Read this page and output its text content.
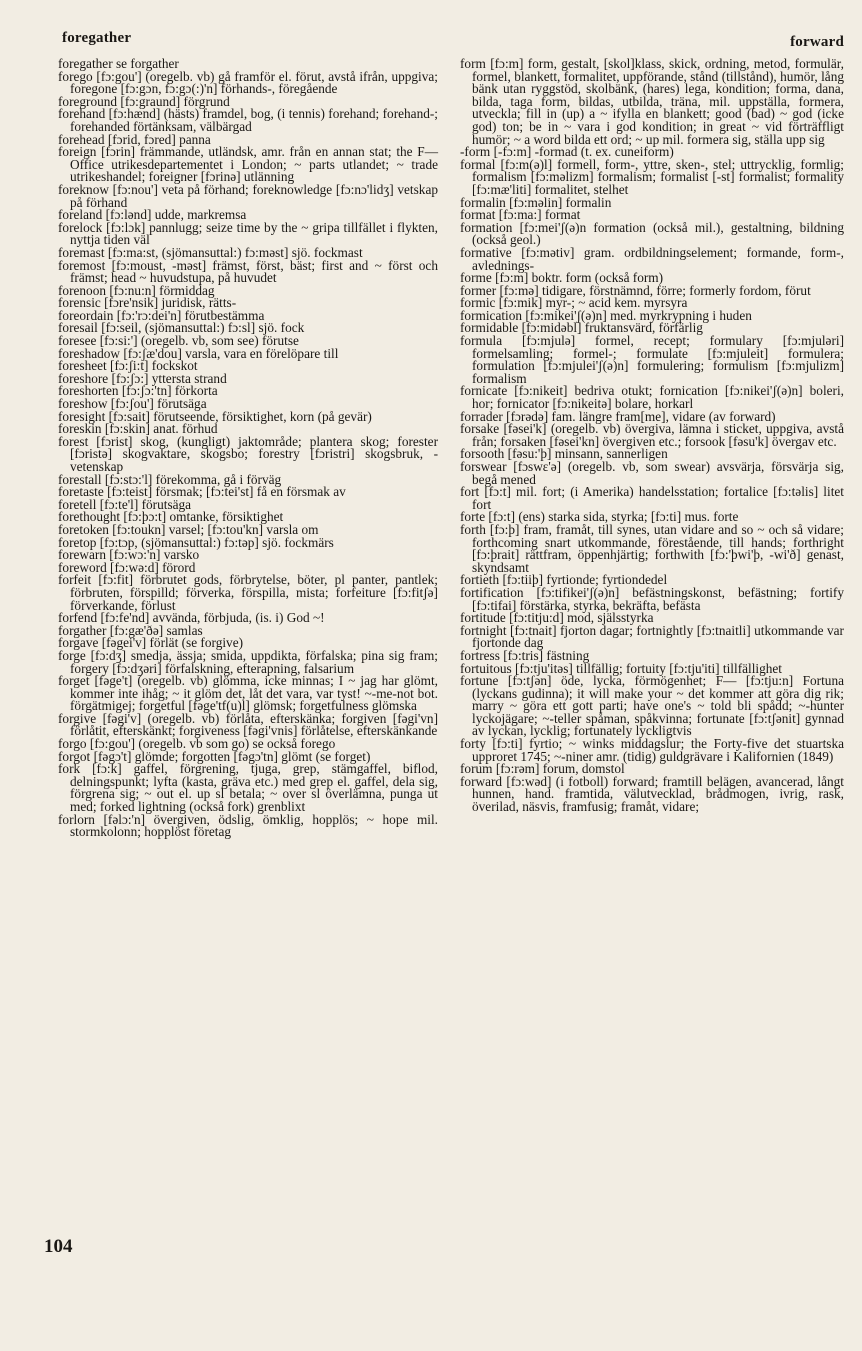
foregather	forward

foregather se forgather

forego [fɔ:gou'] (oregelb. vb) gå framför el. förut, avstå ifrån, uppgiva; foregone [fɔ:gɔn, fɔ:gɔ(:)'n] förhands-, föregående

foreground [fɔ:graund] förgrund

forehand [fɔ:hænd] (hästs) framdel, bog, (i tennis) forehand; forehand-; forehanded förtänksam, välbärgad

forehead [fɔrid, fɔred] panna

foreign [fɔrin] främmande, utländsk, amr. från en annan stat; the F— Office utrikesdepartementet i London; ~ parts utlandet; ~ trade utrikeshandel; foreigner [fɔrinə] utlänning

foreknow [fɔ:nou'] veta på förhand; foreknowledge [fɔ:nɔ'lidʒ] vetskap på förhand

foreland [fɔ:lənd] udde, markremsa

forelock [fɔ:lɔk] pannlugg; seize time by the ~ gripa tillfället i flykten, nyttja tiden väl

foremast [fɔ:ma:st, (sjömansuttal:) fɔ:məst] sjö. fockmast

foremost [fɔ:moust, -məst] främst, först, bäst; first and ~ först och främst; head ~ huvudstupa, på huvudet

forenoon [fɔ:nu:n] förmiddag

forensic [fɔre'nsik] juridisk, rätts-

foreordain [fɔ:'rɔ:dei'n] förutbestämma

foresail [fɔ:seil, (sjömansuttal:) fɔ:sl] sjö. fock

foresee [fɔ:si:'] (oregelb. vb, som see) förutse

foreshadow [fɔ:ʃæ'dou] varsla, vara en förelöpare till

foresheet [fɔ:ʃi:t] fockskot

foreshore [fɔ:ʃɔ:] yttersta strand

foreshorten [fɔ:ʃɔ:'tn] förkorta

foreshow [fɔ:ʃou'] förutsäga

foresight [fɔ:sait] förutseende, försiktighet, korn (på gevär)

foreskin [fɔ:skin] anat. förhud

forest [fɔrist] skog, (kungligt) jaktområde; plantera skog; forester [fɔristə] skogvaktare, skogsbo; forestry [fɔristri] skogsbruk, -vetenskap

forestall [fɔ:stɔ:'l] förekomma, gå i förväg

foretaste [fɔ:teist] försmak; [fɔ:tei'st] få en försmak av

foretell [fɔ:te'l] förutsäga

forethought [fɔ:þɔ:t] omtanke, försiktighet

foretoken [fɔ:toukn] varsel; [fɔ:tou'kn] varsla om

foretop [fɔ:tɔp, (sjömansuttal:) fɔ:təp] sjö. fockmärs

forewarn [fɔ:wɔ:'n] varsko

foreword [fɔ:wə:d] förord

forfeit [fɔ:fit] förbrutet gods, förbrytelse, böter, pl panter, pantlek; förbruten, förspilld; förverka, förspilla, mista; forfeiture [fɔ:fitʃə] förverkande, förlust

forfend [fɔ:fe'nd] avvända, förbjuda, (is. i) God ~!

forgather [fɔ:gæ'ðə] samlas

forgave [fəgei'v] förlät (se forgive)

forge [fɔ:dʒ] smedja, ässja; smida, uppdikta, förfalska; pina sig fram; forgery [fɔ:dʒəri] förfalskning, efterapning, falsarium

forget [fəge't] (oregelb. vb) glömma, icke minnas; I ~ jag har glömt, kommer inte ihåg; ~ it glöm det, låt det vara, var tyst! ~-me-not bot. förgätmigej; forgetful [fəge'tf(u)l] glömsk; forgetfulness glömska

forgive [fəgi'v] (oregelb. vb) förlåta, efterskänka; forgiven [fəgi'vn] förlåtit, efterskänkt; forgiveness [fəgi'vnis] förlåtelse, efterskänkande

forgo [fɔ:gou'] (oregelb. vb som go) se också forego

forgot [fəgɔ't] glömde; forgotten [fəgɔ'tn] glömt (se forget)

fork [fɔ:k] gaffel, förgrening, tjuga, grep, stämgaffel, biflod, delningspunkt; lyfta (kasta, gräva etc.) med grep el. gaffel, dela sig, förgrena sig; ~ out el. up sl betala; ~ over sl överlämna, punga ut med; forked lightning (också fork) grenblixt

forlorn [fəlɔ:'n] övergiven, ödslig, ömklig, hopplös; ~ hope mil. stormkolonn; hopplöst företag

form [fɔ:m] form, gestalt, [skol]klass, skick, ordning, metod, formulär, formel, blankett, formalitet, uppförande, stånd (tillstånd), humör, lång bänk utan ryggstöd, skolbänk, (hares) lega, kondition; forma, dana, bilda, taga form, bildas, utbilda, träna, mil. uppställa, formera, utveckla; fill in (up) a ~ ifylla en blankett; good (bad) ~ god (icke god) ton; be in ~ vara i god kondition; in great ~ vid förträffligt humör; ~ a word bilda ett ord; ~ up mil. formera sig, ställa upp sig

-form [-fɔ:m] -formad (t. ex. cuneiform)

formal [fɔ:m(ə)l] formell, form-, yttre, sken-, stel; uttrycklig, formlig; formalism [fɔ:məlizm] formalism; formalist [-st] formalist; formality [fɔ:mæ'liti] formalitet, stelhet

formalin [fɔ:məlin] formalin

format [fɔ:ma:] format

formation [fɔ:mei'ʃ(ə)n formation (också mil.), gestaltning, bildning (också geol.)

formative [fɔ:mətiv] gram. ordbildningselement; formande, form-, avlednings-

forme [fɔ:m] boktr. form (också form)

former [fɔ:mə] tidigare, förstnämnd, förre; formerly fordom, förut

formic [fɔ:mik] myr-; ~ acid kem. myrsyra

formication [fɔ:mikei'ʃ(ə)n] med. myrkrypning i huden

formidable [fɔ:midəbl] fruktansvärd, förfärlig

formula [fɔ:mjulə] formel, recept; formulary [fɔ:mjuləri] formelsamling; formel-; formulate [fɔ:mjuleit] formulera; formulation [fɔ:mjulei'ʃ(ə)n] formulering; formulism [fɔ:mjulizm] formalism

fornicate [fɔ:nikeit] bedriva otukt; fornication [fɔ:nikei'ʃ(ə)n] boleri, hor; fornicator [fɔ:nikeitə] bolare, horkarl

forrader [fɔrədə] fam. längre fram[me], vidare (av forward)

forsake [fəsei'k] (oregelb. vb) övergiva, lämna i sticket, uppgiva, avstå från; forsaken [fəsei'kn] övergiven etc.; forsook [fəsu'k] övergav etc.

forsooth [fəsu:'þ] minsann, sannerligen

forswear [fɔswɛ'ə] (oregelb. vb, som swear) avsvärja, försvärja sig, begå mened

fort [fɔ:t] mil. fort; (i Amerika) handelsstation; fortalice [fɔ:təlis] litet fort

forte [fɔ:t] (ens) starka sida, styrka; [fɔ:ti] mus. forte

forth [fɔ:þ] fram, framåt, till synes, utan vidare and so ~ och så vidare; forthcoming snart utkommande, förestående, till hands; forthright [fɔ:þrait] rättfram, öppenhjärtig; forthwith [fɔ:'þwi'þ, -wi'ð] genast, skyndsamt

fortieth [fɔ:tiiþ] fyrtionde; fyrtiondedel

fortification [fɔ:tifikei'ʃ(ə)n] befästningskonst, befästning; fortify [fɔ:tifai] förstärka, styrka, bekräfta, befästa

fortitude [fɔ:titju:d] mod, själsstyrka

fortnight [fɔ:tnait] fjorton dagar; fortnightly [fɔ:tnaitli] utkommande var fjortonde dag

fortress [fɔ:tris] fästning

fortuitous [fɔ:tju'itəs] tillfällig; fortuity [fɔ:tju'iti] tillfällighet

fortune [fɔ:tʃən] öde, lycka, förmögenhet; F— [fɔ:tju:n] Fortuna (lyckans gudinna); it will make your ~ det kommer att göra dig rik; marry ~ göra ett gott parti; have one's ~ told bli spådd; ~-hunter lyckojägare; ~-teller spåman, spåkvinna; fortunate [fɔ:tʃənit] gynnad av lyckan, lycklig; fortunately lyckligtvis

forty [fɔ:ti] fyrtio; ~ winks middagslur; the Forty-five det stuartska upproret 1745; ~-niner amr. (tidig) guldgrävare i Kalifornien (1849)

forum [fɔ:rəm] forum, domstol

forward [fɔ:wəd] (i fotboll) forward; framtill belägen, avancerad, långt hunnen, hand. framtida, välutvecklad, brådmogen, ivrig, rask, överilad, näsvis, framfusig; framåt, vidare;

104
